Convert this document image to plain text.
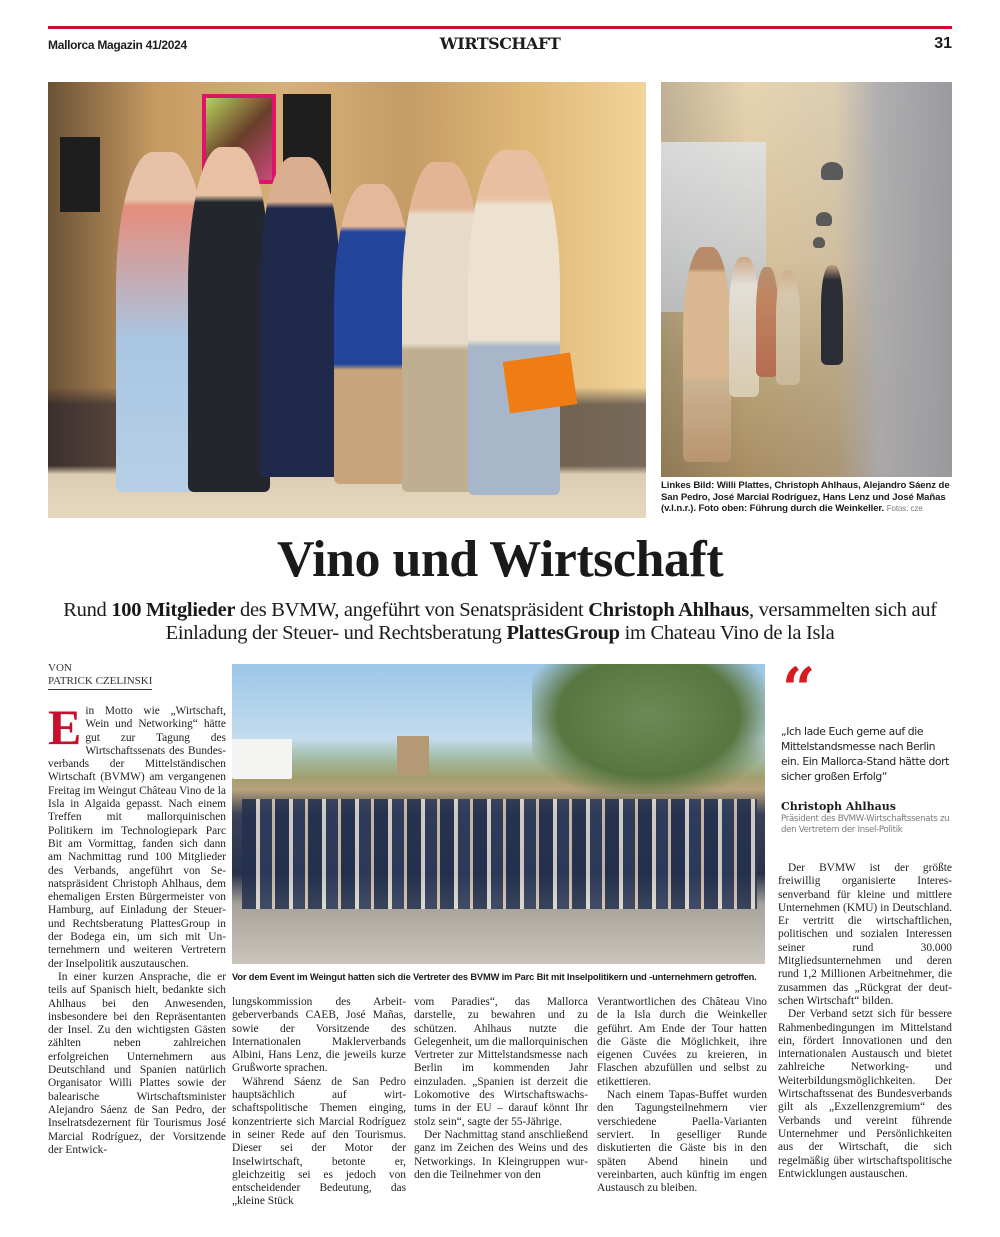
Mallorca Magazin 41/2024	WIRTSCHAFT	31
Linkes Bild: Willi Plattes, Christoph Ahlhaus, Alejandro Sáenz de San Pedro, José Marcial Rodríguez, Hans Lenz und José Mañas (v.l.n.r.). Foto oben: Führung durch die Weinkeller. Fotos: cze
Vino und Wirtschaft
Rund 100 Mitglieder des BVMW, angeführt von Senatspräsident Christoph Ahlhaus, versammelten sich auf Einladung der Steuer- und Rechtsberatung PlattesGroup im Chateau Vino de la Isla
VON
PATRICK CZELINSKI

Ein Motto wie „Wirtschaft, Wein und Networking“ hätte gut zur Tagung des Wirtschaftssenats des Bundesverbands der Mittelständischen Wirtschaft (BVMW) am vergangenen Freitag im Weingut Château Vino de la Isla in Algaida gepasst. Nach einem Treffen mit mallorquinischen Politikern im Technologiepark Parc Bit am Vormittag, fanden sich dann am Nachmittag rund 100 Mitglieder des Verbands, angeführt von Senatspräsident Christoph Ahlhaus, dem ehemaligen Ersten Bürgermeister von Hamburg, auf Einladung der Steuer- und Rechtsberatung PlattesGroup in der Bodega ein, um sich mit Unternehmern und weiteren Vertretern der Inselpolitik auszutauschen.

In einer kurzen Ansprache, die er teils auf Spanisch hielt, bedankte sich Ahlhaus bei den Anwesenden, insbesondere bei den Repräsentanten der Insel. Zu den wichtigsten Gästen zählten neben zahlreichen erfolgreichen Unternehmern aus Deutschland und Spanien natürlich Organisator Willi Plattes sowie der balearische Wirtschaftsminister Alejandro Sáenz de San Pedro, der Inselratsdezernent für Tourismus José Marcial Rodríguez, der Vorsitzende der Entwick-

Vor dem Event im Weingut hatten sich die Vertreter des BVMW im Parc Bit mit Inselpolitikern und -unternehmern getroffen.

lungskommission des Arbeitgeberverbands CAEB, José Mañas, sowie der Vorsitzende des Internationalen Maklerverbands Albini, Hans Lenz, die jeweils kurze Grußworte sprachen.

Während Sáenz de San Pedro hauptsächlich auf wirtschaftspolitische Themen einging, konzentrierte sich Marcial Rodríguez in seiner Rede auf den Tourismus. Dieser sei der Motor der Inselwirtschaft, betonte er, gleichzeitig sei es jedoch von entscheidender Bedeutung, das „kleine Stück

vom Paradies“, das Mallorca darstelle, zu bewahren und zu schützen. Ahlhaus nutzte die Gelegenheit, um die mallorquinischen Vertreter zur Mittelstandsmesse nach Berlin im kommenden Jahr einzuladen. „Spanien ist derzeit die Lokomotive des Wirtschaftswachstums in der EU – darauf könnt Ihr stolz sein“, sagte der 55-Jährige.

Der Nachmittag stand anschließend ganz im Zeichen des Weins und des Networkings. In Kleingruppen wurden die Teilnehmer von den

Verantwortlichen des Château Vino de la Isla durch die Weinkeller geführt. Am Ende der Tour hatten die Gäste die Möglichkeit, ihre eigenen Cuvées zu kreieren, in Flaschen abzufüllen und selbst zu etikettieren.

Nach einem Tapas-Buffet wurden den Tagungsteilnehmern vier verschiedene Paella-Varianten serviert. In geselliger Runde diskutierten die Gäste bis in den späten Abend hinein und vereinbarten, auch künftig im engen Austausch zu bleiben.

“
„Ich lade Euch gerne auf die Mittelstandsmesse nach Berlin ein. Ein Mallorca-Stand hätte dort sicher großen Erfolg“
Christoph Ahlhaus
Präsident des BVMW-Wirtschaftssenats zu den Vertretern der Insel-Politik

Der BVMW ist der größte freiwillig organisierte Interessenverband für kleine und mittlere Unternehmen (KMU) in Deutschland. Er vertritt die wirtschaftlichen, politischen und sozialen Interessen seiner rund 30.000 Mitgliedsunternehmen und deren rund 1,2 Millionen Arbeitnehmer, die zusammen das „Rückgrat der deutschen Wirtschaft“ bilden.

Der Verband setzt sich für bessere Rahmenbedingungen im Mittelstand ein, fördert Innovationen und den internationalen Austausch und bietet zahlreiche Networking- und Weiterbildungsmöglichkeiten. Der Wirtschaftssenat des Bundesverbands gilt als „Exzellenzgremium“ des Verbands und vereint führende Unternehmer und Persönlichkeiten aus der Wirtschaft, die sich regelmäßig über wirtschaftspolitische Entwicklungen austauschen.
